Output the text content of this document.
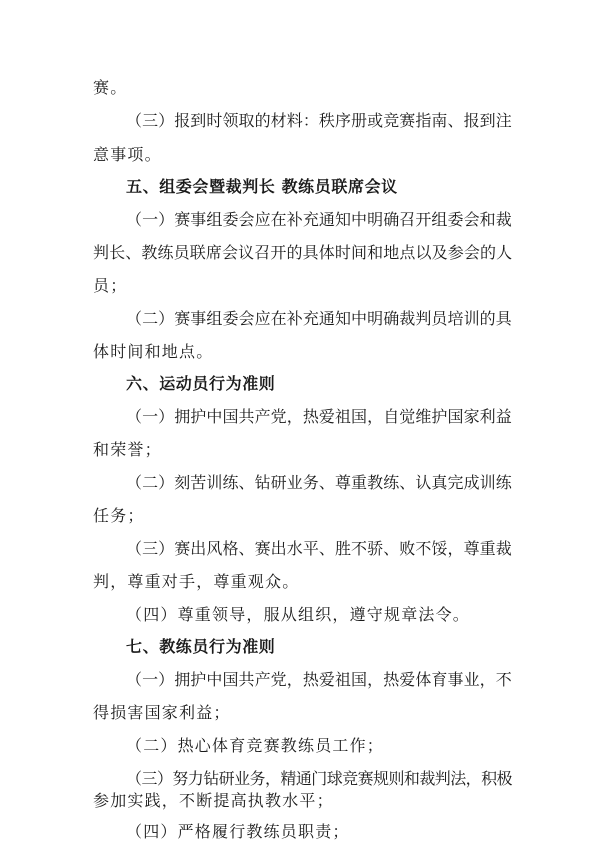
赛。
（三）报到时领取的材料：秩序册或竞赛指南、报到注
意事项。
五、组委会暨裁判长 教练员联席会议
（一）赛事组委会应在补充通知中明确召开组委会和裁
判长、教练员联席会议召开的具体时间和地点以及参会的人
员；
（二）赛事组委会应在补充通知中明确裁判员培训的具
体时间和地点。
六、运动员行为准则
（一）拥护中国共产党，热爱祖国，自觉维护国家利益
和荣誉；
（二）刻苦训练、钻研业务、尊重教练、认真完成训练
任务；
（三）赛出风格、赛出水平、胜不骄、败不馁，尊重裁
判，尊重对手，尊重观众。
（四）尊重领导，服从组织，遵守规章法令。
七、教练员行为准则
（一）拥护中国共产党，热爱祖国，热爱体育事业，不
得损害国家利益；
（二）热心体育竞赛教练员工作；
（三）努力钻研业务，精通门球竞赛规则和裁判法，积极
参加实践，不断提高执教水平；
（四）严格履行教练员职责；
